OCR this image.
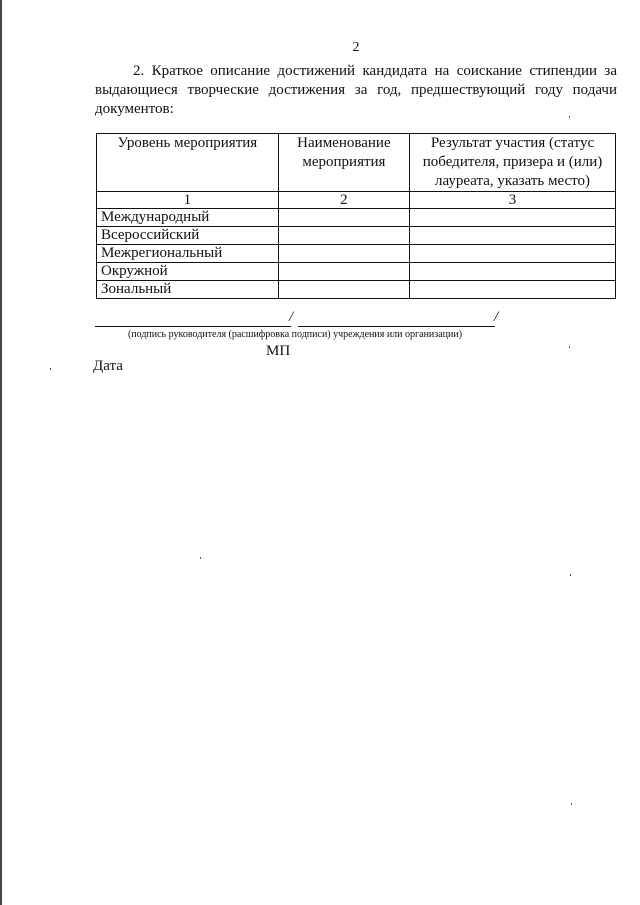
2

2. Краткое описание достижений кандидата на соискание стипендии за выдающиеся творческие достижения за год, предшествующий году подачи документов:

Уровень мероприятия	Наименование мероприятия	Результат участия (статус победителя, призера и (или) лауреата, указать место)
1	2	3
Международный		
Всероссийский		
Межрегиональный		
Окружной		
Зональный		
/	/
(подпись руководителя (расшифровка подписи) учреждения или организации)
МП
Дата
